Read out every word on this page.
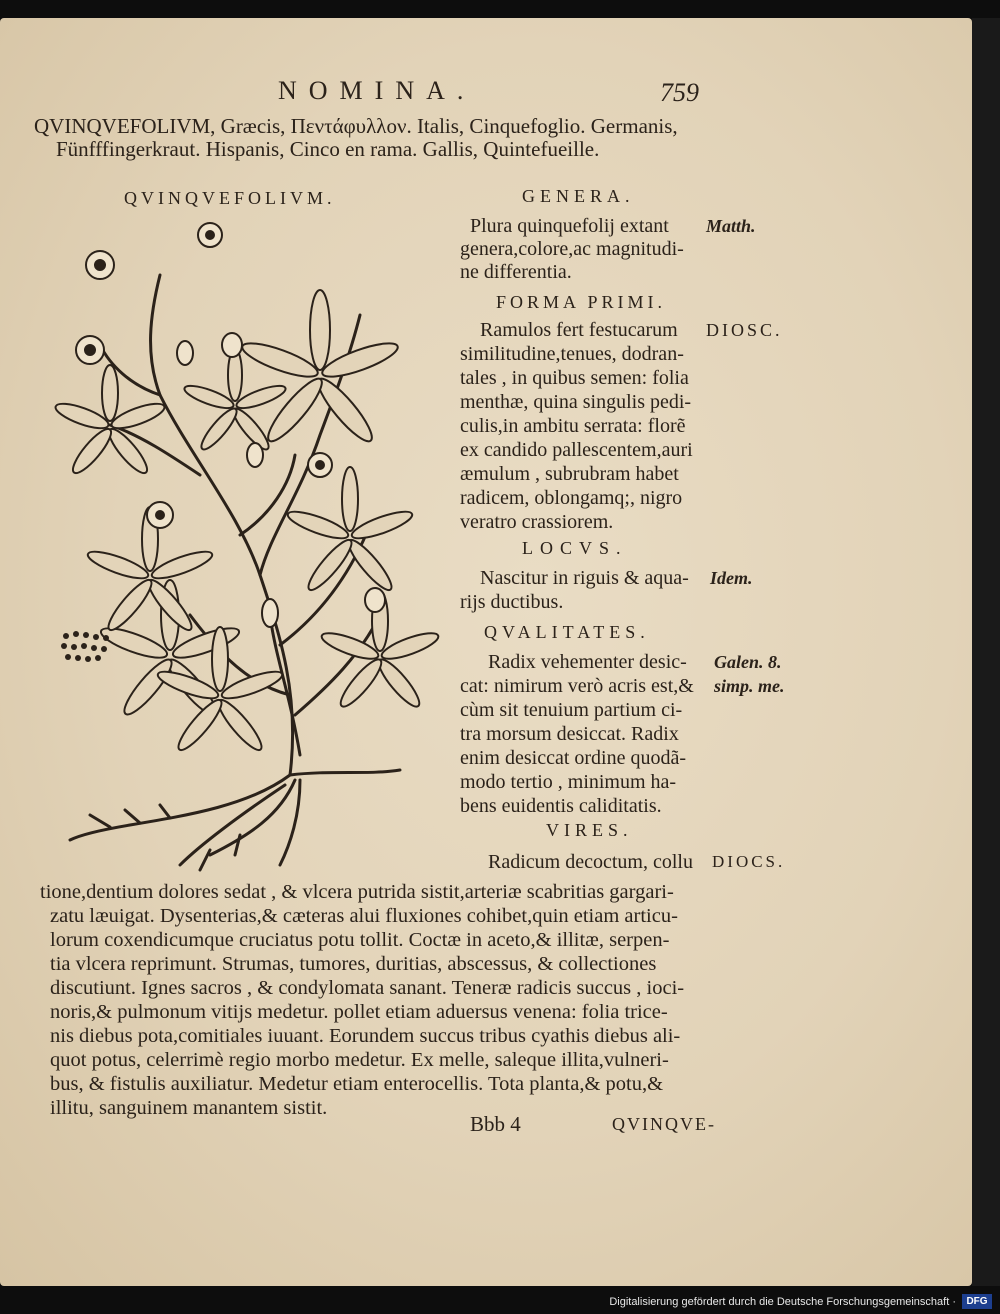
NOMINA.	759
QVINQVEFOLIVM, Græcis, Πεντάφυλλον. Italis, Cinquefoglio. Germanis,
Fünfffingerkraut. Hispanis, Cinco en rama. Gallis, Quintefueille.
QVINQVEFOLIVM.	GENERA.
Plura quinquefolij extant
genera,colore,ac magnitudi-
ne differentia.
Matth.
FORMA PRIMI.
Ramulos fert festucarum
similitudine,tenues, dodran-
tales , in quibus semen: folia
menthæ, quina singulis pedi-
culis,in ambitu serrata: florẽ
ex candido pallescentem,auri
æmulum , subrubram habet
radicem, oblongamq;, nigro
veratro crassiorem.
DIOSC.
LOCVS.
Nascitur in riguis & aqua-
rijs ductibus.
Idem.
QVALITATES.
Radix vehementer desic-
cat: nimirum verò acris est,&
cùm sit tenuium partium ci-
tra morsum desiccat. Radix
enim desiccat ordine quodã-
modo tertio , minimum ha-
bens euidentis caliditatis.
Galen. 8.
simp. me.
VIRES.
Radicum decoctum, collu DIOCS.
tione,dentium dolores sedat , & vlcera putrida sistit,arteriæ scabritias gargari-
zatu læuigat. Dysenterias,& cæteras alui fluxiones cohibet,quin etiam articu-
lorum coxendicumque cruciatus potu tollit. Coctæ in aceto,& illitæ, serpen-
tia vlcera reprimunt. Strumas, tumores, duritias, abscessus, & collectiones
discutiunt. Ignes sacros , & condylomata sanant. Teneræ radicis succus , ioci-
noris,& pulmonum vitijs medetur. pollet etiam aduersus venena: folia trice-
nis diebus pota,comitiales iuuant. Eorundem succus tribus cyathis diebus ali-
quot potus, celerrimè regio morbo medetur. Ex melle, saleque illita,vulneri-
bus, & fistulis auxiliatur. Medetur etiam enterocellis. Tota planta,& potu,&
illitu, sanguinem manantem sistit.
Bbb 4	QVINQVE-
Digitalisierung gefördert durch die Deutsche Forschungsgemeinschaft ·	DFG
